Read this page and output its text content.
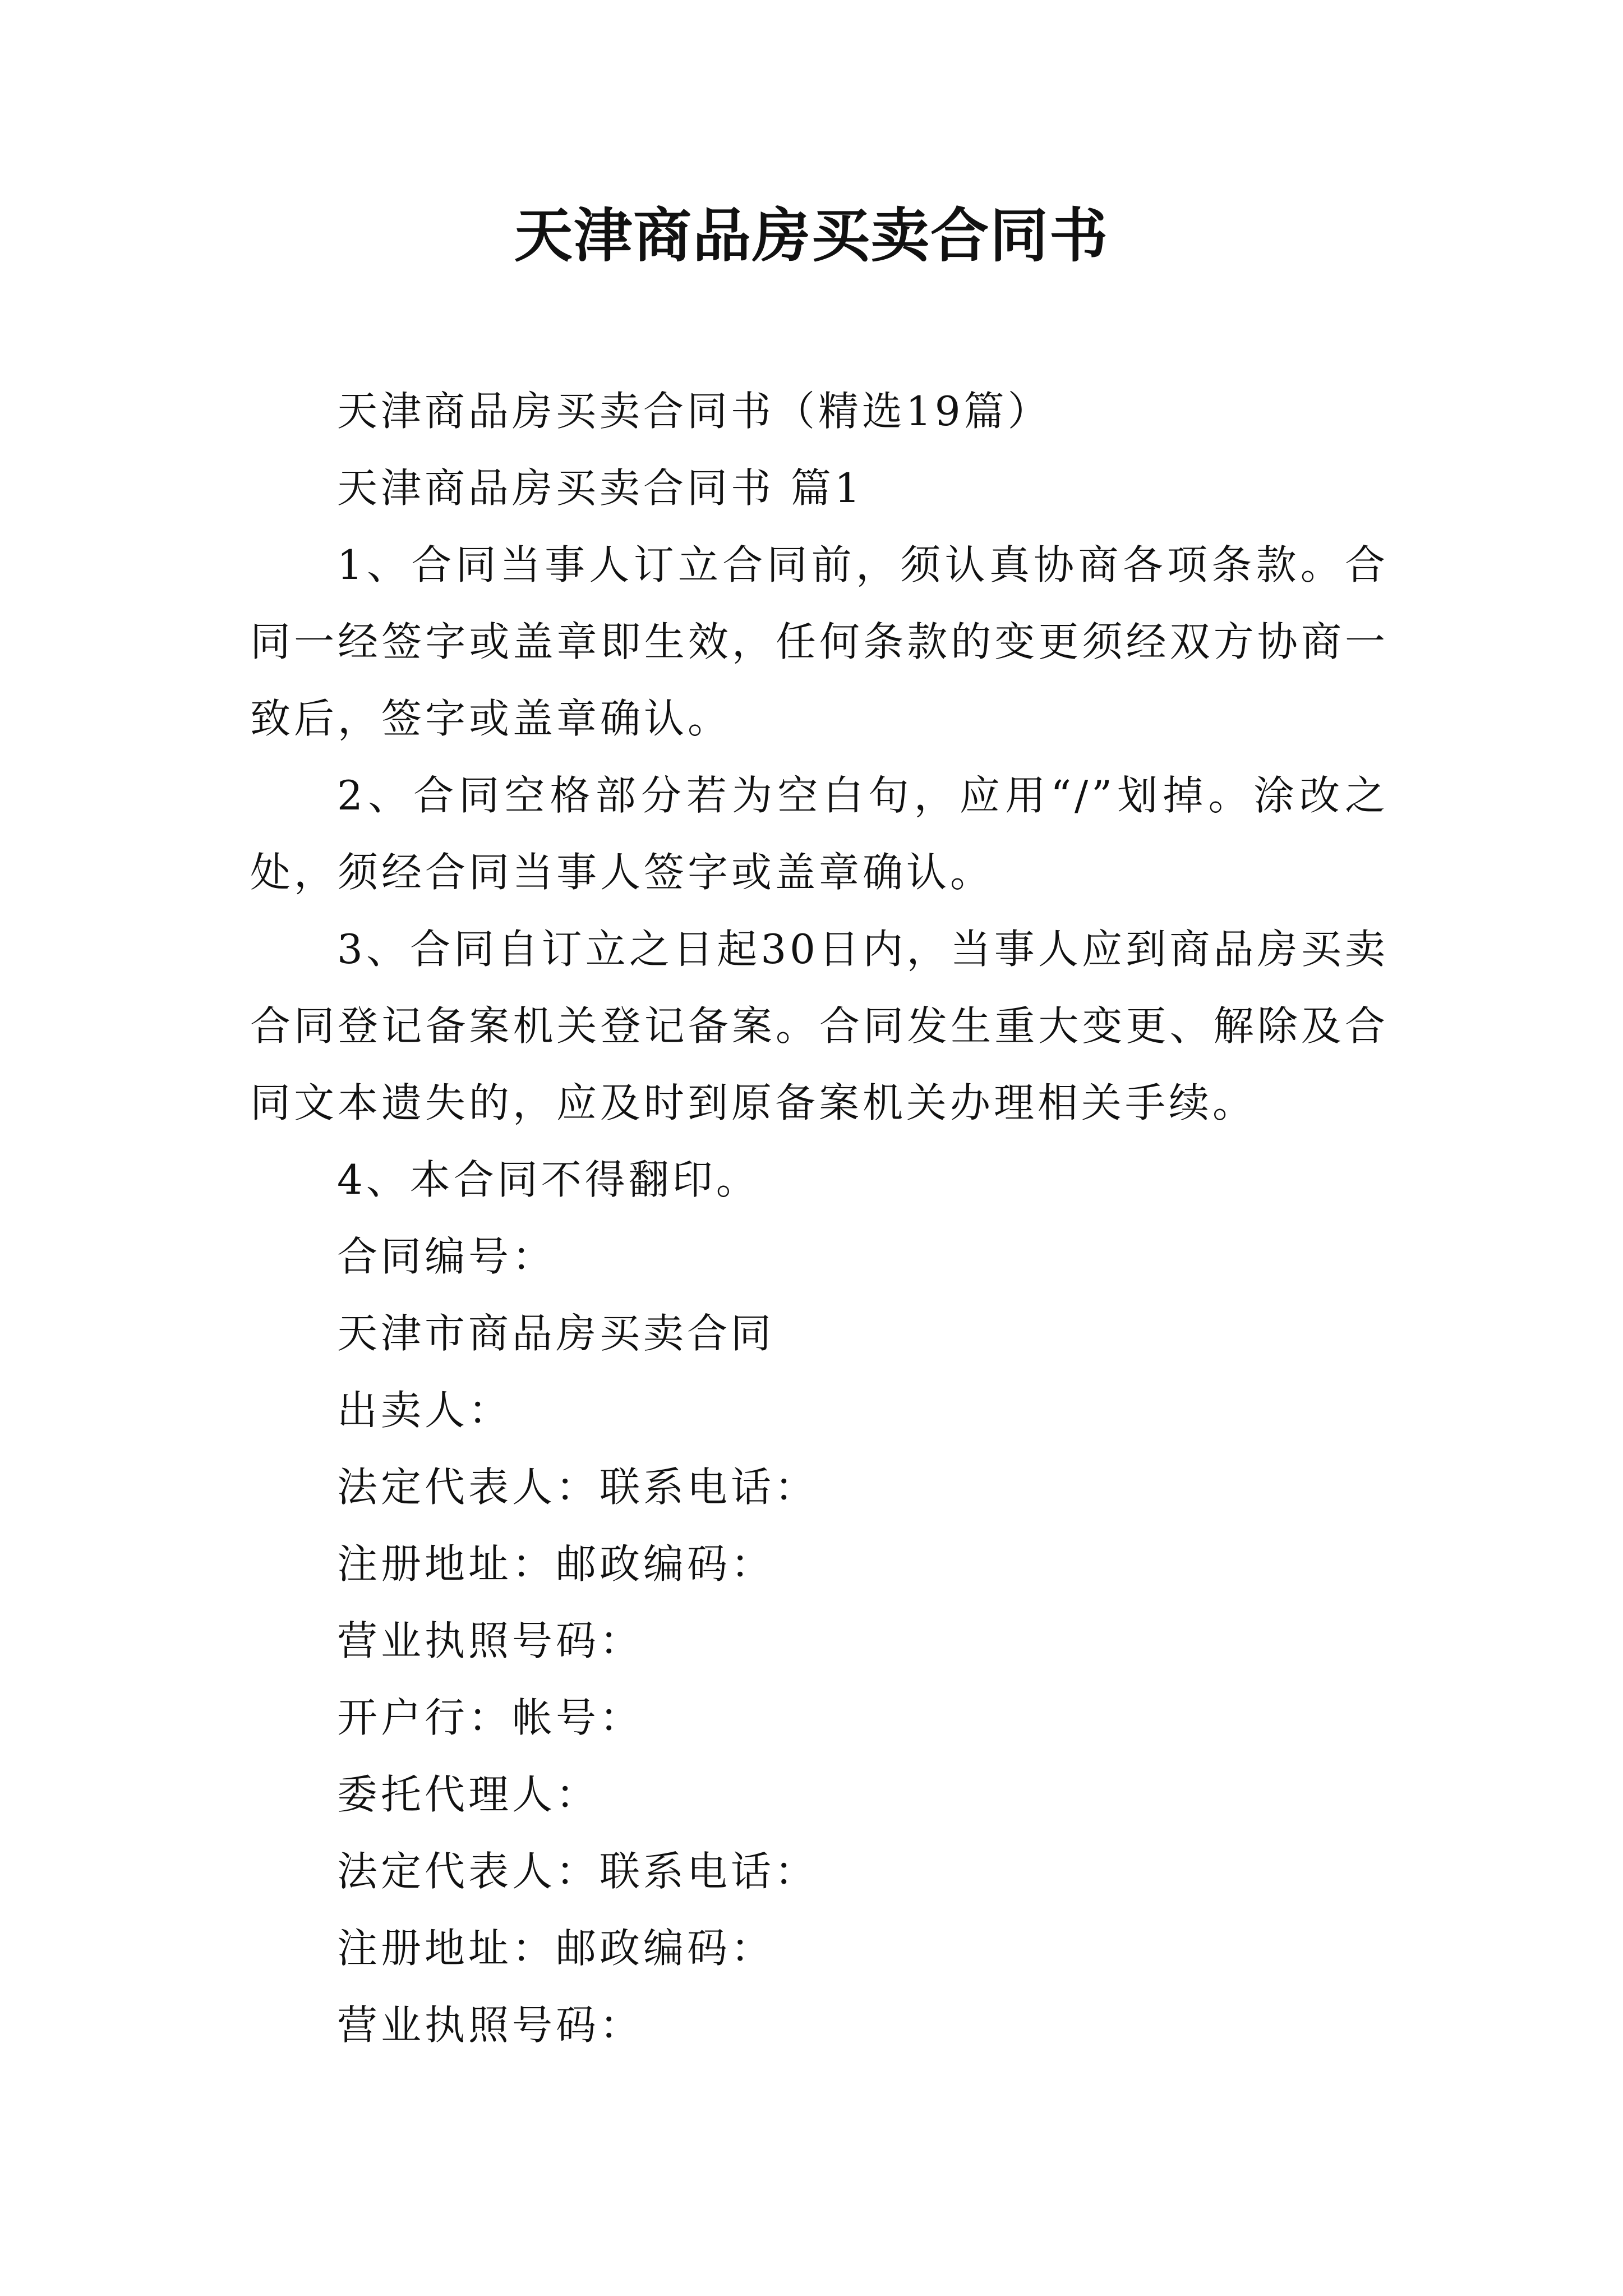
天津商品房买卖合同书

天津商品房买卖合同书（精选19篇）

天津商品房买卖合同书 篇1

1、合同当事人订立合同前，须认真协商各项条款。合同一经签字或盖章即生效，任何条款的变更须经双方协商一致后，签字或盖章确认。

2、合同空格部分若为空白句，应用“/”划掉。涂改之处，须经合同当事人签字或盖章确认。

3、合同自订立之日起30日内，当事人应到商品房买卖合同登记备案机关登记备案。合同发生重大变更、解除及合同文本遗失的，应及时到原备案机关办理相关手续。

4、本合同不得翻印。

合同编号：

天津市商品房买卖合同

出卖人：

法定代表人：联系电话：

注册地址：邮政编码：

营业执照号码：

开户行：帐号：

委托代理人：

法定代表人：联系电话：

注册地址：邮政编码：

营业执照号码：
